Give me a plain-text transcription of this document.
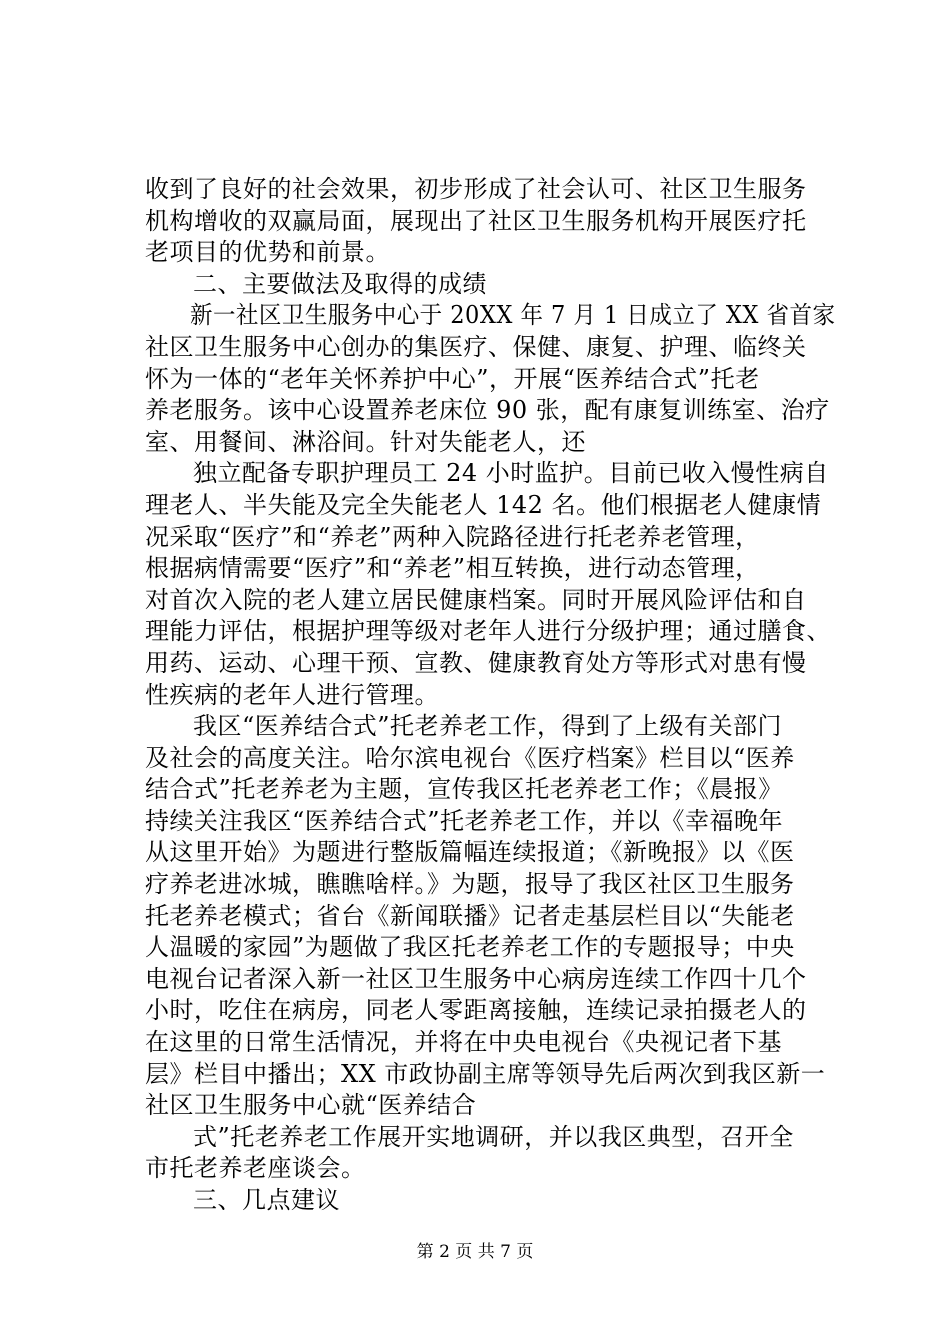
收到了良好的社会效果，初步形成了社会认可、社区卫生服务
机构增收的双赢局面，展现出了社区卫生服务机构开展医疗托
老项目的优势和前景。
二、主要做法及取得的成绩
新一社区卫生服务中心于 20XX 年 7 月 1 日成立了 XX 省首家
社区卫生服务中心创办的集医疗、保健、康复、护理、临终关
怀为一体的“老年关怀养护中心”，开展“医养结合式”托老
养老服务。该中心设置养老床位 90 张，配有康复训练室、治疗
室、用餐间、淋浴间。针对失能老人，还
独立配备专职护理员工 24 小时监护。目前已收入慢性病自
理老人、半失能及完全失能老人 142 名。他们根据老人健康情
况采取“医疗”和“养老”两种入院路径进行托老养老管理，
根据病情需要“医疗”和“养老”相互转换，进行动态管理，
对首次入院的老人建立居民健康档案。同时开展风险评估和自
理能力评估，根据护理等级对老年人进行分级护理；通过膳食、
用药、运动、心理干预、宣教、健康教育处方等形式对患有慢
性疾病的老年人进行管理。
我区“医养结合式”托老养老工作，得到了上级有关部门
及社会的高度关注。哈尔滨电视台《医疗档案》栏目以“医养
结合式”托老养老为主题，宣传我区托老养老工作；《晨报》
持续关注我区“医养结合式”托老养老工作，并以《幸福晚年
从这里开始》为题进行整版篇幅连续报道；《新晚报》以《医
疗养老进冰城，瞧瞧啥样。》为题，报导了我区社区卫生服务
托老养老模式；省台《新闻联播》记者走基层栏目以“失能老
人温暖的家园”为题做了我区托老养老工作的专题报导；中央
电视台记者深入新一社区卫生服务中心病房连续工作四十几个
小时，吃住在病房，同老人零距离接触，连续记录拍摄老人的
在这里的日常生活情况，并将在中央电视台《央视记者下基
层》栏目中播出；XX 市政协副主席等领导先后两次到我区新一
社区卫生服务中心就“医养结合
式”托老养老工作展开实地调研，并以我区典型，召开全
市托老养老座谈会。
三、几点建议
第 2 页 共 7 页
